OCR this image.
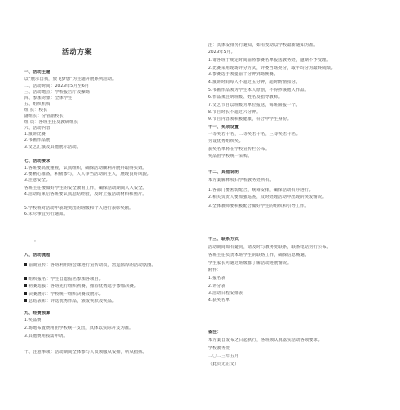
活动方案
一、活动主题
以“展示自我，放飞梦想”为主题开展系列活动。
二、活动时间：2023年5月至6月
三、活动地点：学校报告厅及操场
四、参加对象：全体学生
五、组织机构
组 长：校长
副组长：分管副校长
组 员：各班主任及教研组长
六、活动内容
1.演讲比赛
2.书画作品展
3.文艺汇演及其他展示活动。
七、活动要求
1.各班要高度重视，认真组织，确保活动顺利开展并取得实效。
2.要精心准备，积极参与，人人争当活动的主人，展现良好风貌。
3.注意安全。
各班主任要做好学生的安全教育工作，确保活动期间人人安全。
4.活动结束后各班要认真总结经验，及时上报活动材料和照片。
5.学校将对活动中表现突出的班级和个人进行表彰奖励。
6.未尽事宜另行通知。
八、活动流程
前期宣传：各班利用班会课进行宣传动员，营造浓厚的活动氛围。
组织报名：学生自愿报名参加各项目。
初赛选拔：各班先行组织初赛，推荐优秀选手参加决赛。
决赛展示：学校统一组织决赛及展示。
总结表彰：评选优秀作品，颁发奖状及奖品。
九、经费预算
1.奖品费
2.场地布置费用由学校统一支出，具体以实际开支为准。
3.其他费用按需申请。
十、注意事项：活动期间全体参与人员须服从安排，听从指挥。
。
注：具体安排另行通知，如有变动以学校最新通知为准。
2023年5月。
1.请各班于规定时间前将参赛名单报送教务处，逾期不予受理。
2.比赛采用现场评分方式，评委当场亮分，取平均分为最终成绩。
3.参赛选手须提前十分钟到场候赛。
4.演讲时间每人不超过五分钟，超时酌情扣分。
5.书画作品须为学生本人原创，不得抄袭他人作品。
6.作品须注明班级、姓名及指导教师。
7.文艺节目以班级为单位报送，每班限报一个。
8.节目时长不超过六分钟。
9.节目内容须积极健康，符合中学生身份。
十一、奖项设置
一等奖若干名，二等奖若干名，三等奖若干名。
另设优秀组织奖。
获奖名单将在学校宣传栏公布。
奖品由学校统一采购。
十二、其他说明
本方案解释权归学校教务处所有。
1.各部门要密切配合，统筹安排，确保活动有序进行。
2.相关负责人要加强巡查，及时处理活动中出现的突发情况。
3.全体教师要积极配合做好学生的组织和引导工作。
十三、联系方式
活动期间如有疑问，请及时与教务处联系，联系电话另行公布。
各班主任负责本班学生的联络工作，确保信息畅通。
学生家长可通过班级群了解活动进展情况。
附件：
1.报名表
2.评分表
3.活动日程安排表
4.获奖名单
备注：
本方案自发布之日起执行，各班须认真落实活动各项要求。
学校教务处
二〇二三年五月
（此页无正文）
